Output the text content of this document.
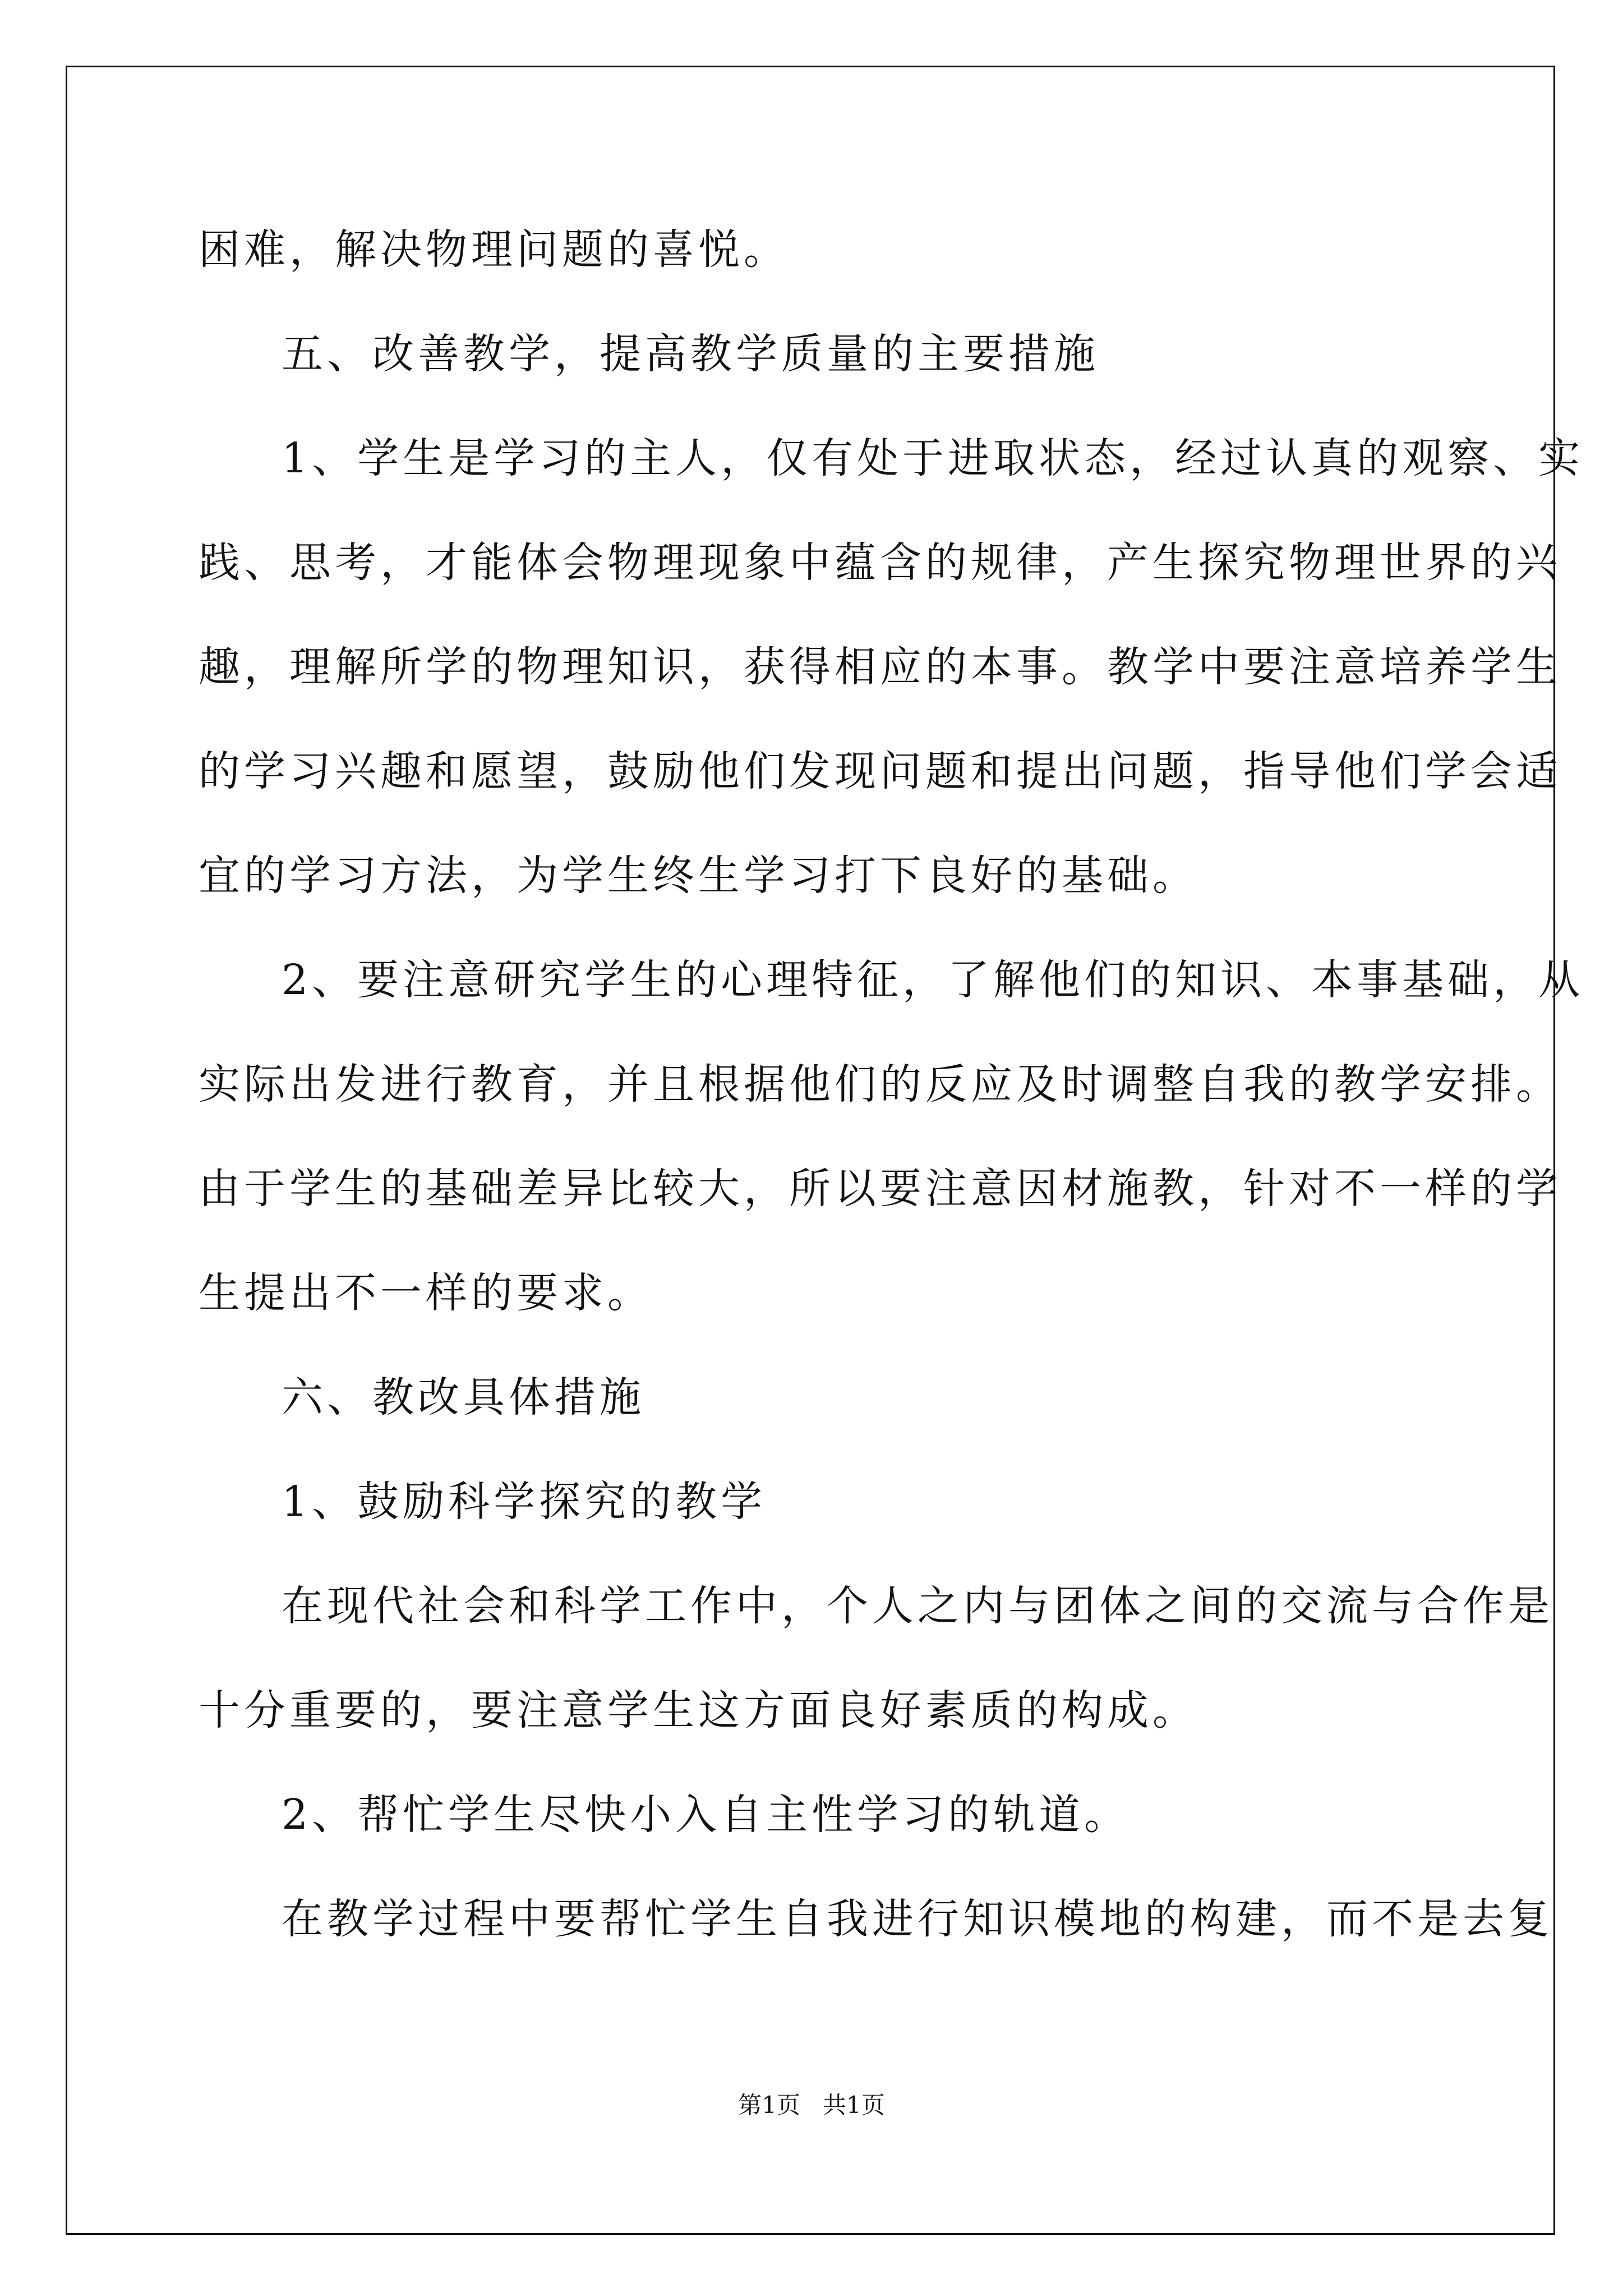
困难，解决物理问题的喜悦。
五、改善教学，提高教学质量的主要措施
1、学生是学习的主人，仅有处于进取状态，经过认真的观察、实
践、思考，才能体会物理现象中蕴含的规律，产生探究物理世界的兴
趣，理解所学的物理知识，获得相应的本事。教学中要注意培养学生
的学习兴趣和愿望，鼓励他们发现问题和提出问题，指导他们学会适
宜的学习方法，为学生终生学习打下良好的基础。
2、要注意研究学生的心理特征，了解他们的知识、本事基础，从
实际出发进行教育，并且根据他们的反应及时调整自我的教学安排。
由于学生的基础差异比较大，所以要注意因材施教，针对不一样的学
生提出不一样的要求。
六、教改具体措施
1、鼓励科学探究的教学
在现代社会和科学工作中，个人之内与团体之间的交流与合作是
十分重要的，要注意学生这方面良好素质的构成。
2、帮忙学生尽快小入自主性学习的轨道。
在教学过程中要帮忙学生自我进行知识模地的构建，而不是去复
第1页 共1页
